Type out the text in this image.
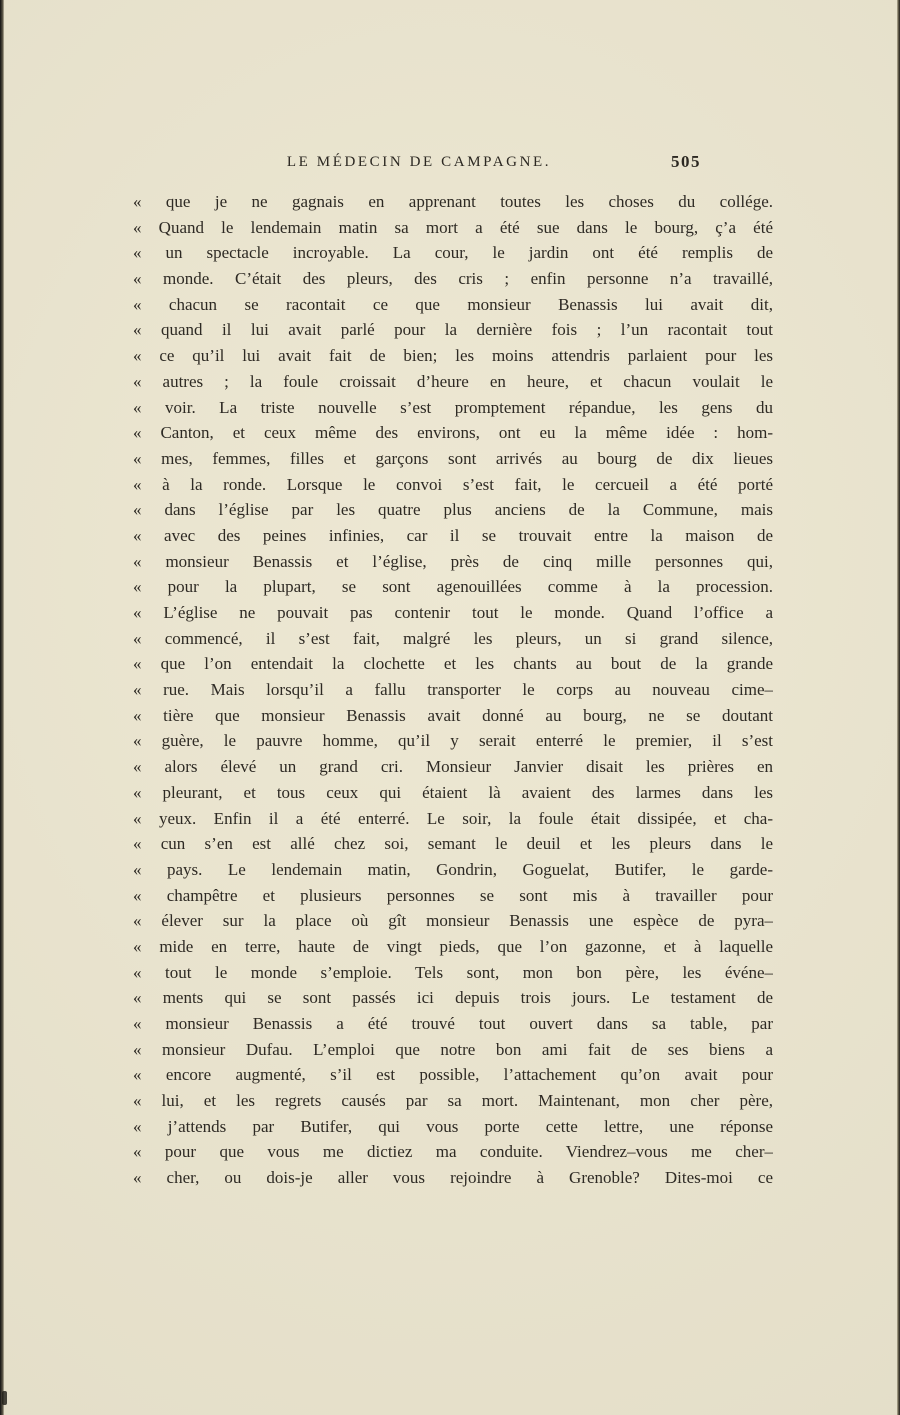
LE MÉDECIN DE CAMPAGNE.	505
« que je ne gagnais en apprenant toutes les choses du collége.
« Quand le lendemain matin sa mort a été sue dans le bourg, ç’a été
« un spectacle incroyable. La cour, le jardin ont été remplis de
« monde. C’était des pleurs, des cris ; enfin personne n’a travaillé,
« chacun se racontait ce que monsieur Benassis lui avait dit,
« quand il lui avait parlé pour la dernière fois ; l’un racontait tout
« ce qu’il lui avait fait de bien; les moins attendris parlaient pour les
« autres ; la foule croissait d’heure en heure, et chacun voulait le
« voir. La triste nouvelle s’est promptement répandue, les gens du
« Canton, et ceux même des environs, ont eu la même idée : hom-
« mes, femmes, filles et garçons sont arrivés au bourg de dix lieues
« à la ronde. Lorsque le convoi s’est fait, le cercueil a été porté
« dans l’église par les quatre plus anciens de la Commune, mais
« avec des peines infinies, car il se trouvait entre la maison de
« monsieur Benassis et l’église, près de cinq mille personnes qui,
« pour la plupart, se sont agenouillées comme à la procession.
« L’église ne pouvait pas contenir tout le monde. Quand l’office a
« commencé, il s’est fait, malgré les pleurs, un si grand silence,
« que l’on entendait la clochette et les chants au bout de la grande
« rue. Mais lorsqu’il a fallu transporter le corps au nouveau cime–
« tière que monsieur Benassis avait donné au bourg, ne se doutant
« guère, le pauvre homme, qu’il y serait enterré le premier, il s’est
« alors élevé un grand cri. Monsieur Janvier disait les prières en
« pleurant, et tous ceux qui étaient là avaient des larmes dans les
« yeux. Enfin il a été enterré. Le soir, la foule était dissipée, et cha-
« cun s’en est allé chez soi, semant le deuil et les pleurs dans le
« pays. Le lendemain matin, Gondrin, Goguelat, Butifer, le garde-
« champêtre et plusieurs personnes se sont mis à travailler pour
« élever sur la place où gît monsieur Benassis une espèce de pyra–
« mide en terre, haute de vingt pieds, que l’on gazonne, et à laquelle
« tout le monde s’emploie. Tels sont, mon bon père, les événe–
« ments qui se sont passés ici depuis trois jours. Le testament de
« monsieur Benassis a été trouvé tout ouvert dans sa table, par
« monsieur Dufau. L’emploi que notre bon ami fait de ses biens a
« encore augmenté, s’il est possible, l’attachement qu’on avait pour
« lui, et les regrets causés par sa mort. Maintenant, mon cher père,
« j’attends par Butifer, qui vous porte cette lettre, une réponse
« pour que vous me dictiez ma conduite. Viendrez–vous me cher–
« cher, ou dois-je aller vous rejoindre à Grenoble? Dites-moi ce
